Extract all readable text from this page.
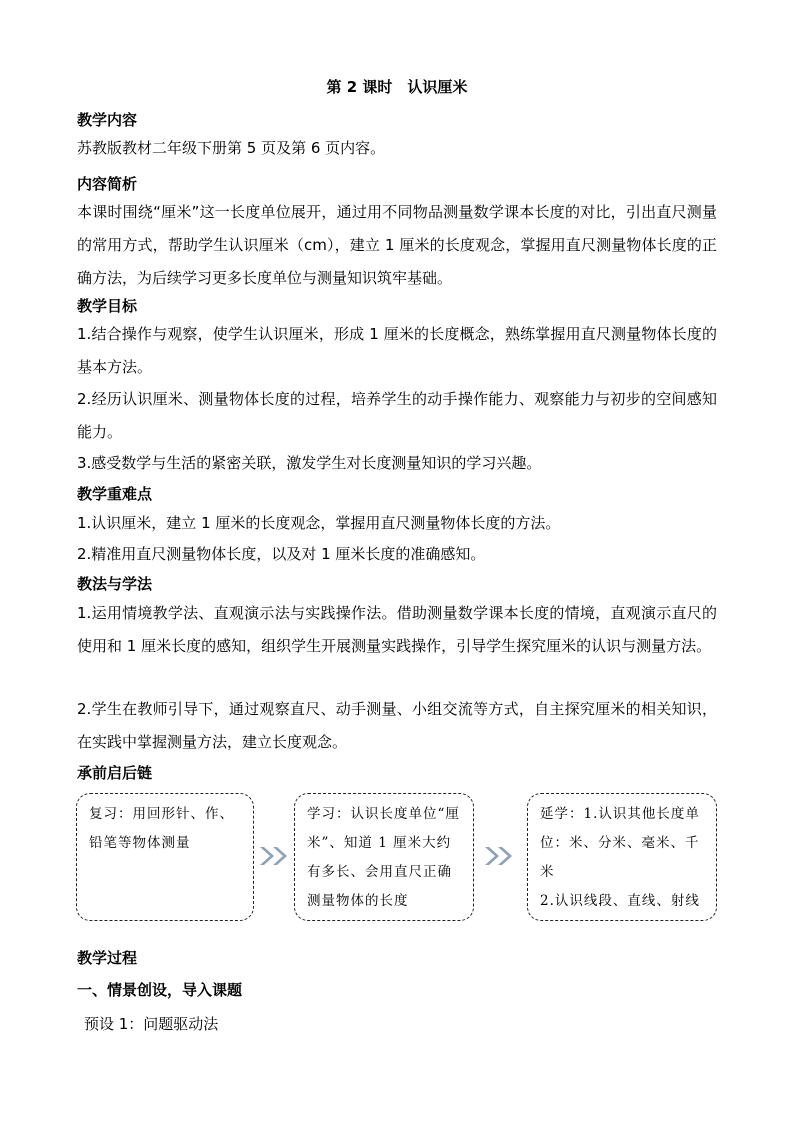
第 2 课时　认识厘米
教学内容
苏教版教材二年级下册第 5 页及第 6 页内容。
内容简析
本课时围绕“厘米”这一长度单位展开，通过用不同物品测量数学课本长度的对比，引出直尺测量的常用方式，帮助学生认识厘米（cm），建立 1 厘米的长度观念，掌握用直尺测量物体长度的正确方法，为后续学习更多长度单位与测量知识筑牢基础。
教学目标
1.结合操作与观察，使学生认识厘米，形成 1 厘米的长度概念，熟练掌握用直尺测量物体长度的基本方法。
2.经历认识厘米、测量物体长度的过程，培养学生的动手操作能力、观察能力与初步的空间感知能力。
3.感受数学与生活的紧密关联，激发学生对长度测量知识的学习兴趣。
教学重难点
1.认识厘米，建立 1 厘米的长度观念，掌握用直尺测量物体长度的方法。
2.精准用直尺测量物体长度，以及对 1 厘米长度的准确感知。
教法与学法
1.运用情境教学法、直观演示法与实践操作法。借助测量数学课本长度的情境，直观演示直尺的使用和 1 厘米长度的感知，组织学生开展测量实践操作，引导学生探究厘米的认识与测量方法。
2.学生在教师引导下，通过观察直尺、动手测量、小组交流等方式，自主探究厘米的相关知识，在实践中掌握测量方法，建立长度观念。
承前启后链
复习：用回形针、作、铅笔等物体测量
学习：认识长度单位“厘米”、知道 1 厘米大约有多长、会用直尺正确测量物体的长度
延学：1.认识其他长度单位：米、分米、毫米、千米
2.认识线段、直线、射线
教学过程
一、情景创设，导入课题
预设 1：问题驱动法
